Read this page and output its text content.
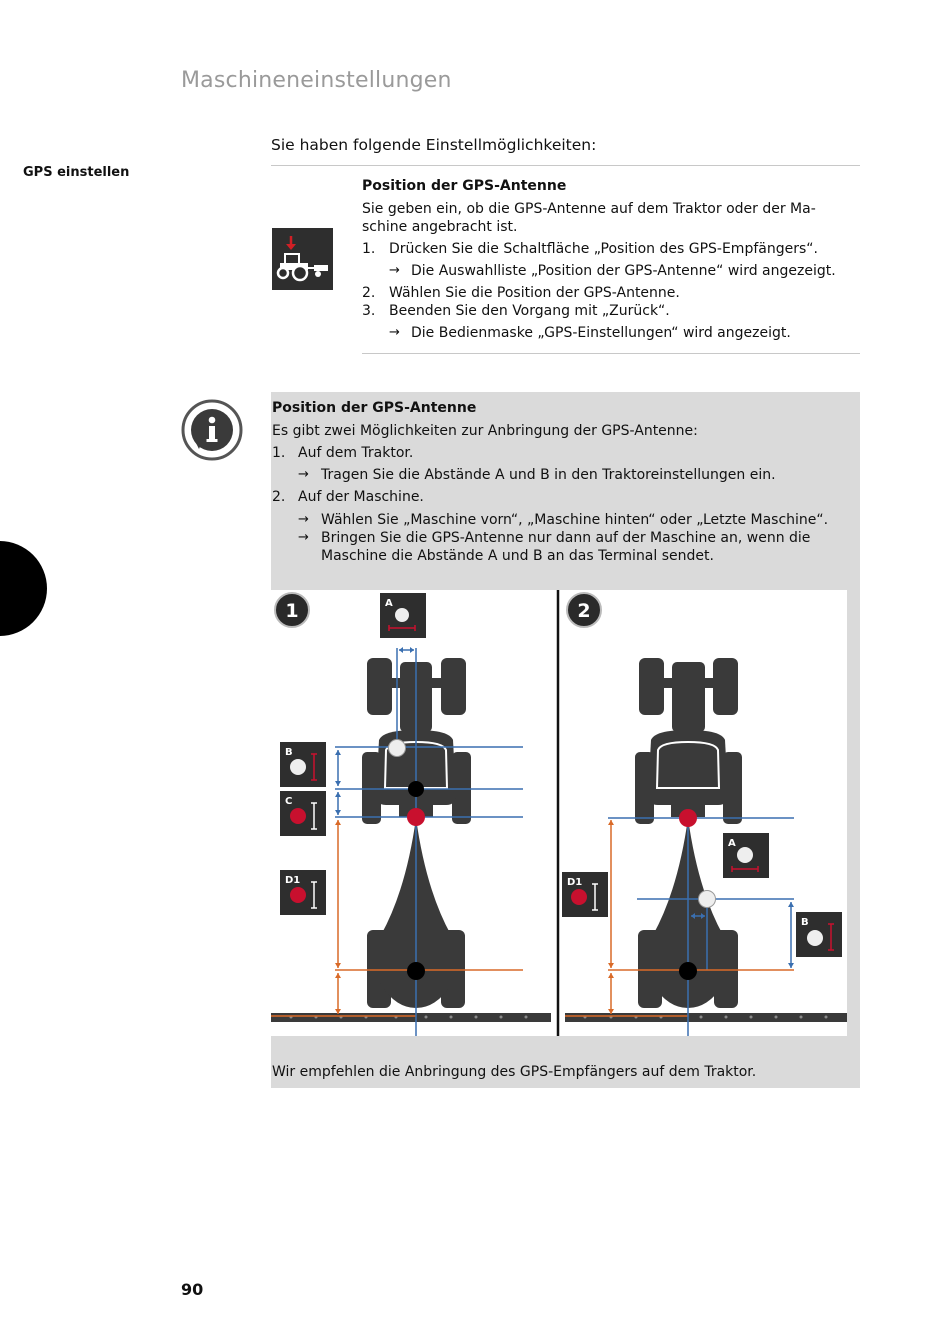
Maschineneinstellungen
GPS einstellen
Sie haben folgende Einstellmöglichkeiten:
Position der GPS-Antenne
Sie geben ein, ob die GPS-Antenne auf dem Traktor oder der Ma-
schine angebracht ist.
1. Drücken Sie die Schaltfläche „Position des GPS-Empfängers“.
→ Die Auswahlliste „Position der GPS-Antenne“ wird angezeigt.
2. Wählen Sie die Position der GPS-Antenne.
3. Beenden Sie den Vorgang mit „Zurück“.
→ Die Bedienmaske „GPS-Einstellungen“ wird angezeigt.
Position der GPS-Antenne
Es gibt zwei Möglichkeiten zur Anbringung der GPS-Antenne:
1. Auf dem Traktor.
→ Tragen Sie die Abstände A und B in den Traktoreinstellungen ein.
2. Auf der Maschine.
→ Wählen Sie „Maschine vorn“, „Maschine hinten“ oder „Letzte Maschine“.
→ Bringen Sie die GPS-Antenne nur dann auf der Maschine an, wenn die
Maschine die Abstände A und B an das Terminal sendet.
1	A
B
C
D1
2
D1
A
B
Wir empfehlen die Anbringung des GPS-Empfängers auf dem Traktor.
90
